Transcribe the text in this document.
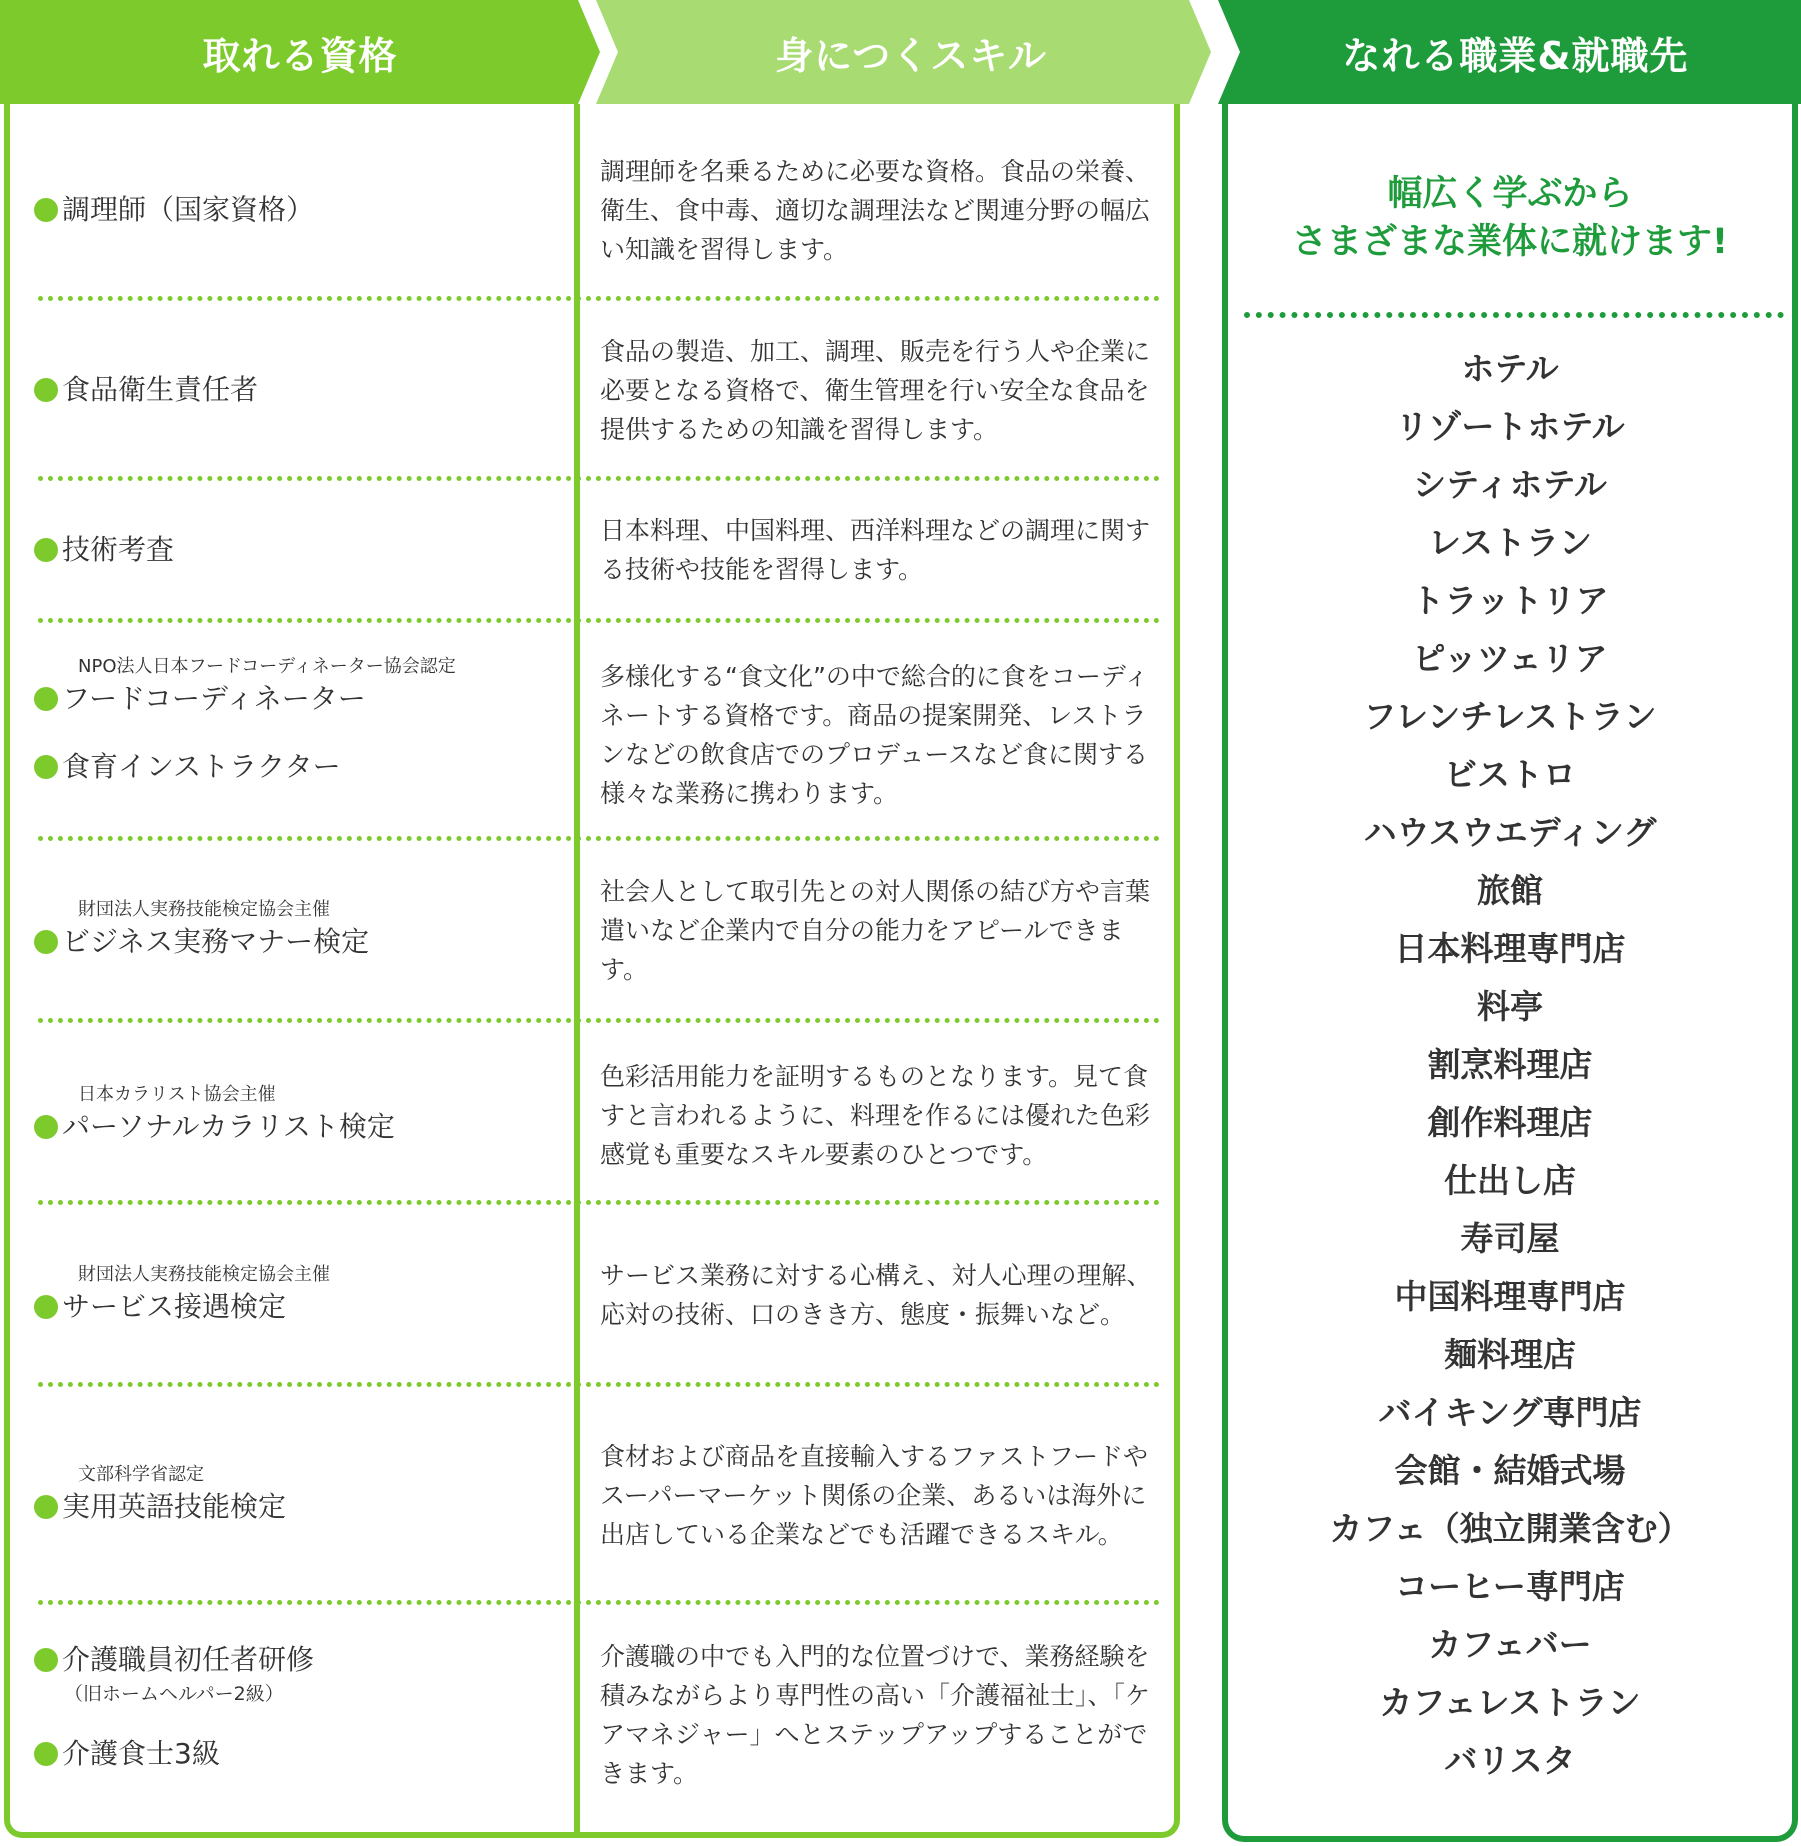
取れる資格	身につくスキル	なれる職業&就職先
調理師（国家資格）
調理師を名乗るために必要な資格。食品の栄養、衛生、食中毒、適切な調理法など関連分野の幅広い知識を習得します。
食品衛生責任者
食品の製造、加工、調理、販売を行う人や企業に必要となる資格で、衛生管理を行い安全な食品を提供するための知識を習得します。
技術考査
日本料理、中国料理、西洋料理などの調理に関する技術や技能を習得します。
NPO法人日本フードコーディネーター協会認定
フードコーディネーター
食育インストラクター
多様化する“食文化”の中で総合的に食をコーディネートする資格です。商品の提案開発、レストランなどの飲食店でのプロデュースなど食に関する様々な業務に携わります。
財団法人実務技能検定協会主催
ビジネス実務マナー検定
社会人として取引先との対人関係の結び方や言葉遣いなど企業内で自分の能力をアピールできます。
日本カラリスト協会主催
パーソナルカラリスト検定
色彩活用能力を証明するものとなります。見て食すと言われるように、料理を作るには優れた色彩感覚も重要なスキル要素のひとつです。
財団法人実務技能検定協会主催
サービス接遇検定
サービス業務に対する心構え、対人心理の理解、応対の技術、口のきき方、態度・振舞いなど。
文部科学省認定
実用英語技能検定
食材および商品を直接輸入するファストフードやスーパーマーケット関係の企業、あるいは海外に出店している企業などでも活躍できるスキル。
介護職員初任者研修
（旧ホームヘルパー2級）
介護食士3級
介護職の中でも入門的な位置づけで、業務経験を積みながらより専門性の高い「介護福祉士」、「ケアマネジャー」へとステップアップすることができます。
幅広く学ぶから
さまざまな業体に就けます!
ホテル
リゾートホテル
シティホテル
レストラン
トラットリア
ピッツェリア
フレンチレストラン
ビストロ
ハウスウエディング
旅館
日本料理専門店
料亭
割烹料理店
創作料理店
仕出し店
寿司屋
中国料理専門店
麺料理店
バイキング専門店
会館・結婚式場
カフェ（独立開業含む）
コーヒー専門店
カフェバー
カフェレストラン
バリスタ
